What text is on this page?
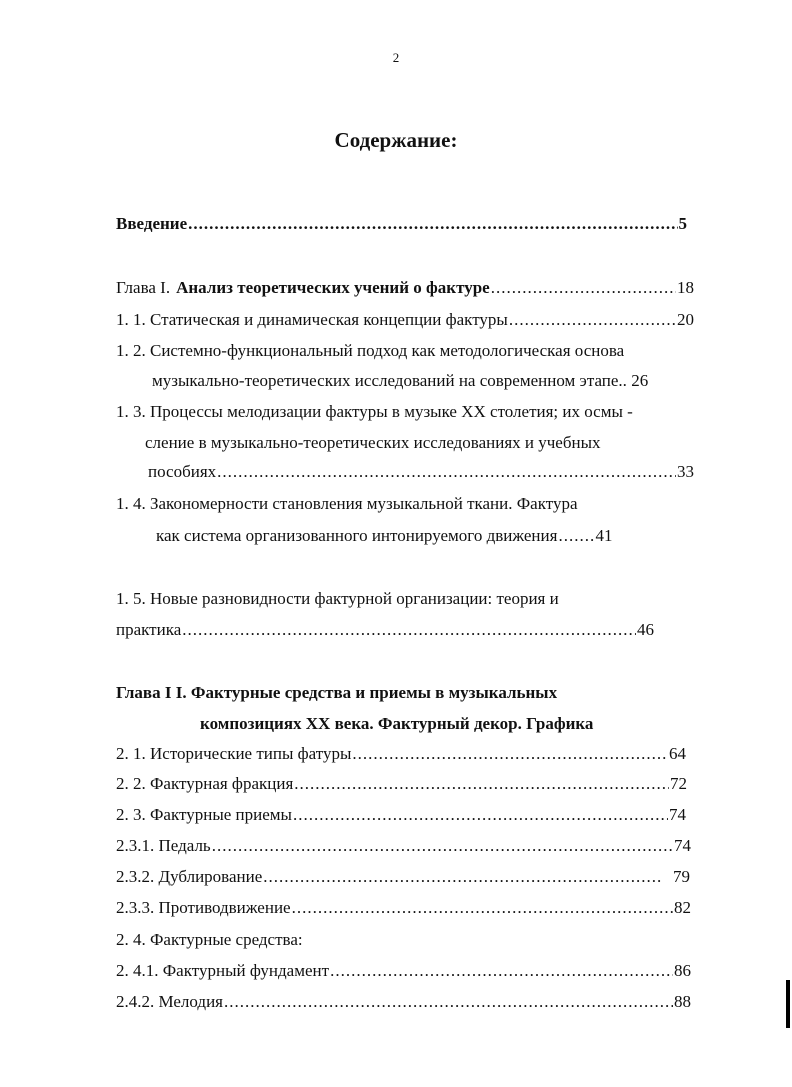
2
Содержание:
Введение .....	5
Глава I. Анализ теоретических учений о фактуре .....	18
1. 1. Статическая и динамическая концепции фактуры .....	20
1. 2. Системно-функциональный подход как методологическая основа
музыкально-теоретических исследований на современном этапе.. 26
1. 3. Процессы мелодизации фактуры в музыке XX столетия; их осмы -
сление в музыкально-теоретических исследованиях и учебных
пособиях .....	33
1. 4. Закономерности становления музыкальной ткани. Фактура
как система организованного интонируемого движения ..... 41
1. 5. Новые разновидности фактурной организации: теория и
практика .....	46
Глава I I. Фактурные средства и приемы в музыкальных
композициях XX века. Фактурный декор. Графика
2. 1. Исторические типы фатуры .....	64
2. 2. Фактурная фракция .....	72
2. 3. Фактурные приемы .....	74
2.3.1. Педаль .....	74
2.3.2. Дублирование .....	79
2.3.3. Противодвижение .....	82
2. 4. Фактурные средства:
2. 4.1. Фактурный фундамент .....	86
2.4.2. Мелодия .....	88
